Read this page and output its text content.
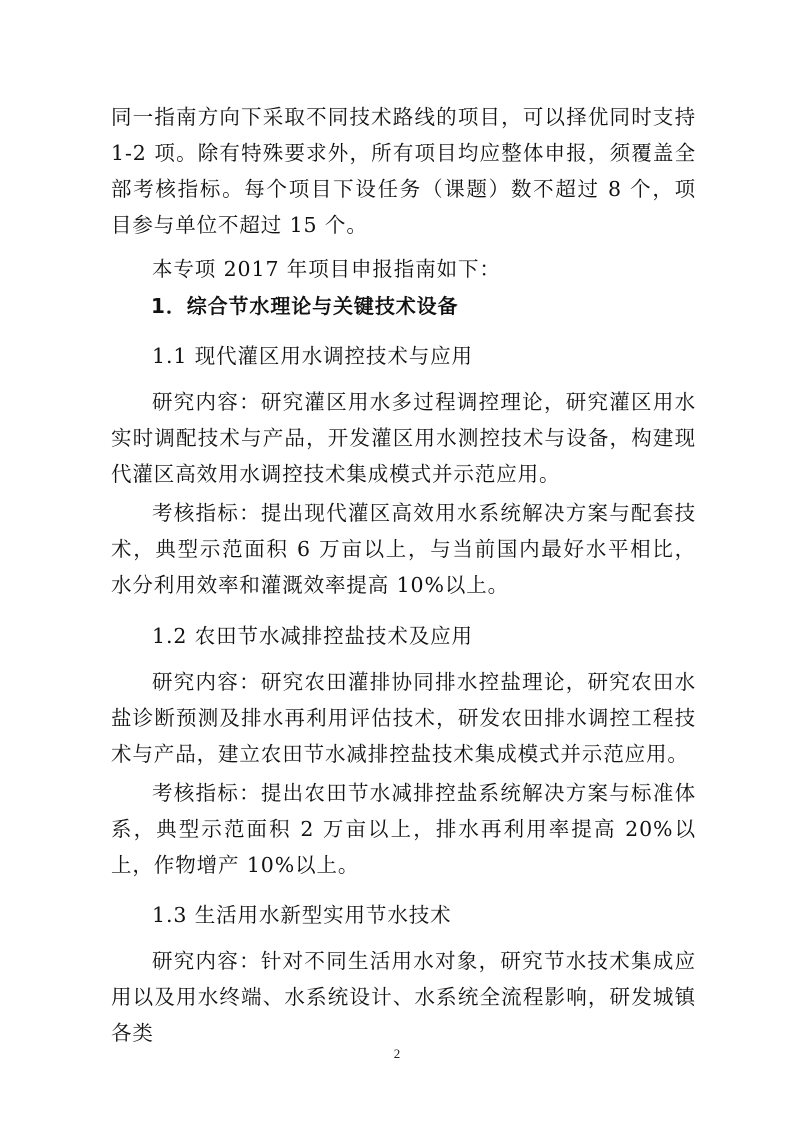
同一指南方向下采取不同技术路线的项目，可以择优同时支持 1-2 项。除有特殊要求外，所有项目均应整体申报，须覆盖全部考核指标。每个项目下设任务（课题）数不超过 8 个，项目参与单位不超过 15 个。

本专项 2017 年项目申报指南如下：

1．综合节水理论与关键技术设备

1.1 现代灌区用水调控技术与应用

研究内容：研究灌区用水多过程调控理论，研究灌区用水实时调配技术与产品，开发灌区用水测控技术与设备，构建现代灌区高效用水调控技术集成模式并示范应用。

考核指标：提出现代灌区高效用水系统解决方案与配套技术，典型示范面积 6 万亩以上，与当前国内最好水平相比，水分利用效率和灌溉效率提高 10%以上。

1.2 农田节水减排控盐技术及应用

研究内容：研究农田灌排协同排水控盐理论，研究农田水盐诊断预测及排水再利用评估技术，研发农田排水调控工程技术与产品，建立农田节水减排控盐技术集成模式并示范应用。

考核指标：提出农田节水减排控盐系统解决方案与标准体系，典型示范面积 2 万亩以上，排水再利用率提高 20%以上，作物增产 10%以上。

1.3 生活用水新型实用节水技术

研究内容：针对不同生活用水对象，研究节水技术集成应用以及用水终端、水系统设计、水系统全流程影响，研发城镇各类

2
